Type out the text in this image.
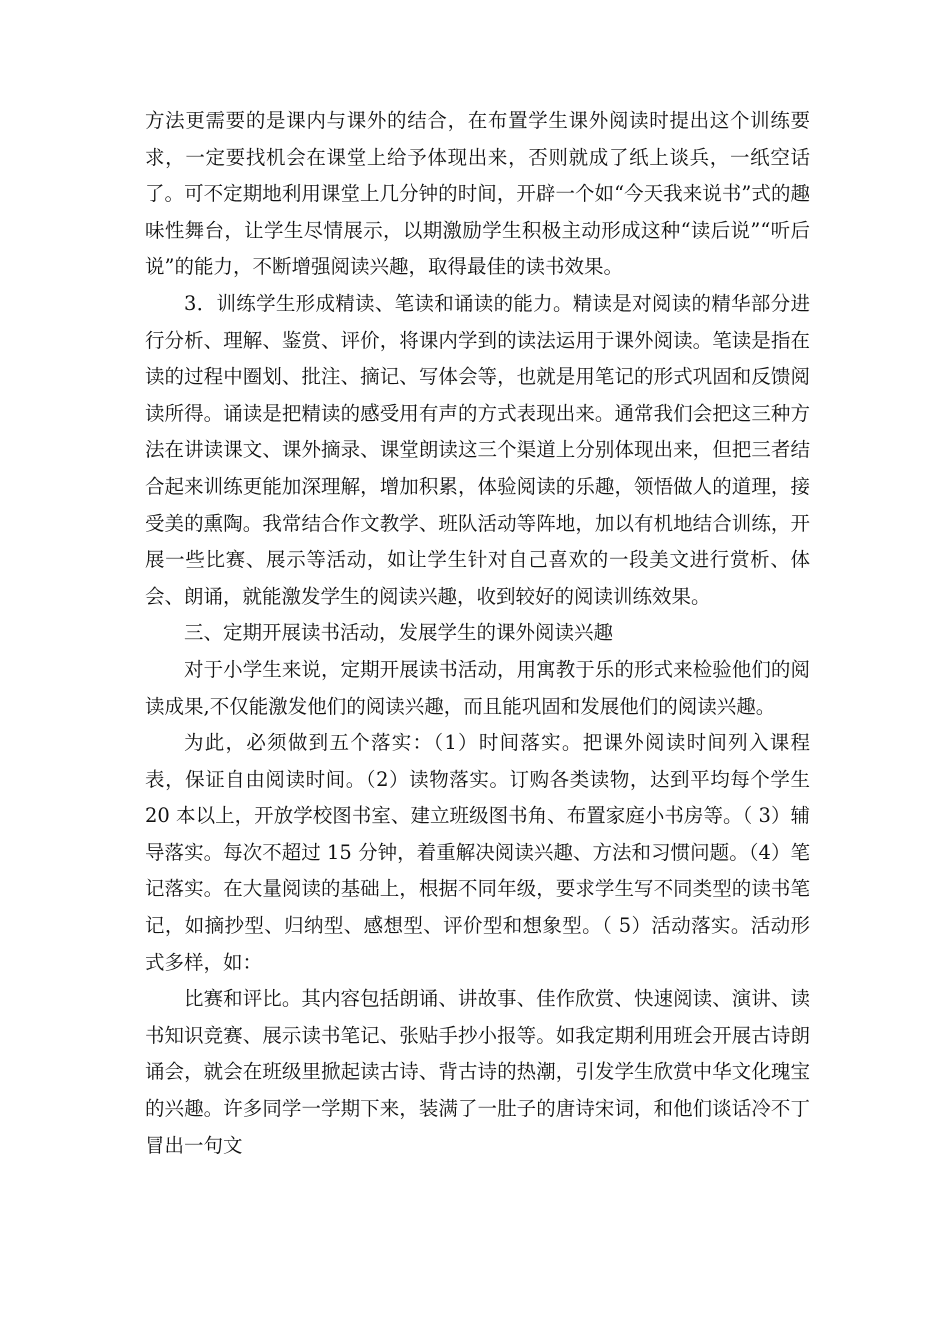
方法更需要的是课内与课外的结合，在布置学生课外阅读时提出这个训练要求，一定要找机会在课堂上给予体现出来，否则就成了纸上谈兵，一纸空话了。可不定期地利用课堂上几分钟的时间，开辟一个如“今天我来说书”式的趣味性舞台，让学生尽情展示，以期激励学生积极主动形成这种“读后说”“听后说”的能力，不断增强阅读兴趣，取得最佳的读书效果。

3．训练学生形成精读、笔读和诵读的能力。精读是对阅读的精华部分进行分析、理解、鉴赏、评价，将课内学到的读法运用于课外阅读。笔读是指在读的过程中圈划、批注、摘记、写体会等，也就是用笔记的形式巩固和反馈阅读所得。诵读是把精读的感受用有声的方式表现出来。通常我们会把这三种方法在讲读课文、课外摘录、课堂朗读这三个渠道上分别体现出来，但把三者结合起来训练更能加深理解，增加积累，体验阅读的乐趣，领悟做人的道理，接受美的熏陶。我常结合作文教学、班队活动等阵地，加以有机地结合训练，开展一些比赛、展示等活动，如让学生针对自己喜欢的一段美文进行赏析、体会、朗诵，就能激发学生的阅读兴趣，收到较好的阅读训练效果。

三、定期开展读书活动，发展学生的课外阅读兴趣

对于小学生来说，定期开展读书活动，用寓教于乐的形式来检验他们的阅读成果,不仅能激发他们的阅读兴趣，而且能巩固和发展他们的阅读兴趣。

为此，必须做到五个落实：（1）时间落实。把课外阅读时间列入课程表，保证自由阅读时间。（2）读物落实。订购各类读物，达到平均每个学生 20 本以上，开放学校图书室、建立班级图书角、布置家庭小书房等。（ 3）辅导落实。每次不超过 15 分钟，着重解决阅读兴趣、方法和习惯问题。（4）笔记落实。在大量阅读的基础上，根据不同年级，要求学生写不同类型的读书笔记，如摘抄型、归纳型、感想型、评价型和想象型。（ 5）活动落实。活动形式多样，如：

比赛和评比。其内容包括朗诵、讲故事、佳作欣赏、快速阅读、演讲、读书知识竞赛、展示读书笔记、张贴手抄小报等。如我定期利用班会开展古诗朗诵会，就会在班级里掀起读古诗、背古诗的热潮，引发学生欣赏中华文化瑰宝的兴趣。许多同学一学期下来，装满了一肚子的唐诗宋词，和他们谈话冷不丁冒出一句文
